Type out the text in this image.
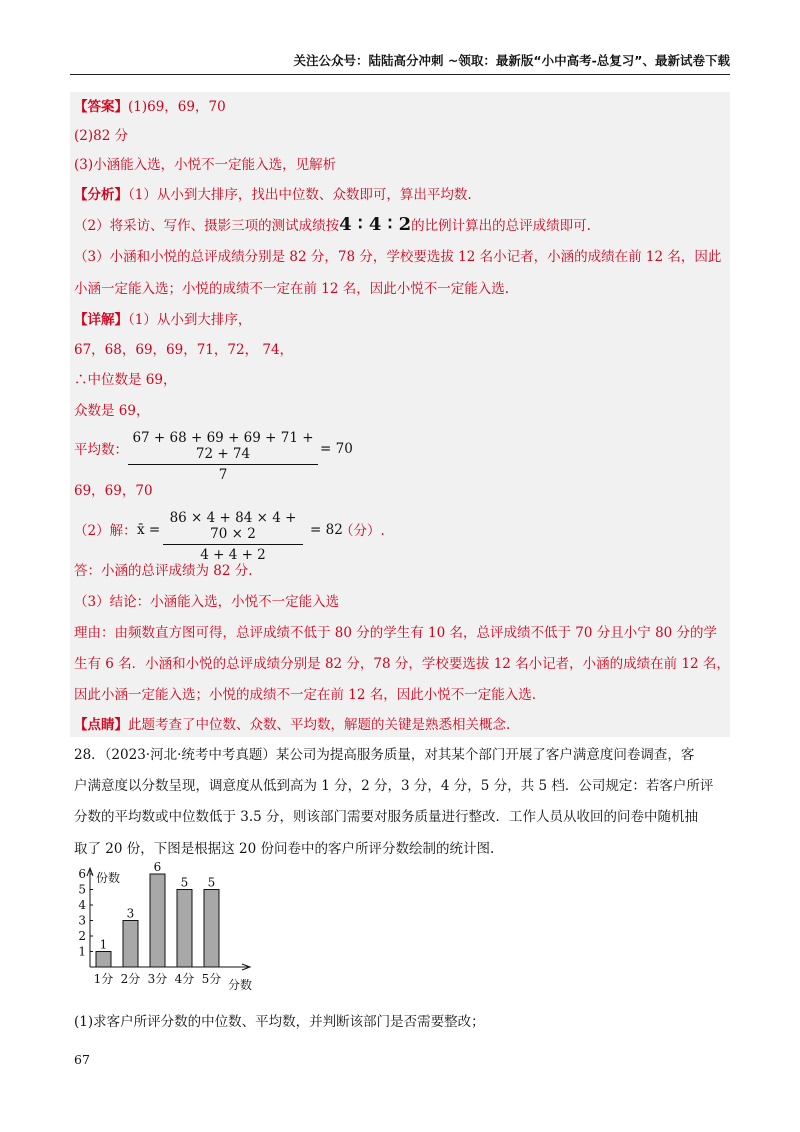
关注公众号：陆陆高分冲刺 ~领取：最新版“小中高考-总复习”、最新试卷下载
【答案】(1)69，69，70
(2)82 分
(3)小涵能入选，小悦不一定能入选，见解析
【分析】（1）从小到大排序，找出中位数、众数即可，算出平均数.
（2）将采访、写作、摄影三项的测试成绩按4 ∶ 4 ∶ 2的比例计算出的总评成绩即可.
（3）小涵和小悦的总评成绩分别是 82 分，78 分，学校要选拔 12 名小记者，小涵的成绩在前 12 名，因此
小涵一定能入选；小悦的成绩不一定在前 12 名，因此小悦不一定能入选.
【详解】（1）从小到大排序，
67，68，69，69，71，72， 74，
∴中位数是 69，
众数是 69，
平均数： $\frac{67 + 68 + 69 + 69 + 71 + 72 + 74}{7} = 70$
69，69，70
（2）解： x̄ = $\frac{86 \times 4 + 84 \times 4 + 70 \times 2}{4 + 4 + 2} = 82$
（分）.
答：小涵的总评成绩为 82 分.
（3）结论：小涵能入选，小悦不一定能入选
理由：由频数直方图可得，总评成绩不低于 80 分的学生有 10 名，总评成绩不低于 70 分且小宁 80 分的学
生有 6 名．小涵和小悦的总评成绩分别是 82 分，78 分，学校要选拔 12 名小记者，小涵的成绩在前 12 名，
因此小涵一定能入选；小悦的成绩不一定在前 12 名，因此小悦不一定能入选.
【点睛】此题考查了中位数、众数、平均数，解题的关键是熟悉相关概念.
28．（2023·河北·统考中考真题）某公司为提高服务质量，对其某个部门开展了客户满意度问卷调查，客
户满意度以分数呈现，调意度从低到高为 1 分，2 分，3 分，4 分，5 分，共 5 档．公司规定：若客户所评
分数的平均数或中位数低于 3.5 分，则该部门需要对服务质量进行整改．工作人员从收回的问卷中随机抽
取了 20 份，下图是根据这 20 份问卷中的客户所评分数绘制的统计图.
1
2
3
4
5
6 份数
分数
1
1分
3
2分
6
3分
5
4分
5
5分
(1)求客户所评分数的中位数、平均数，并判断该部门是否需要整改；
67
